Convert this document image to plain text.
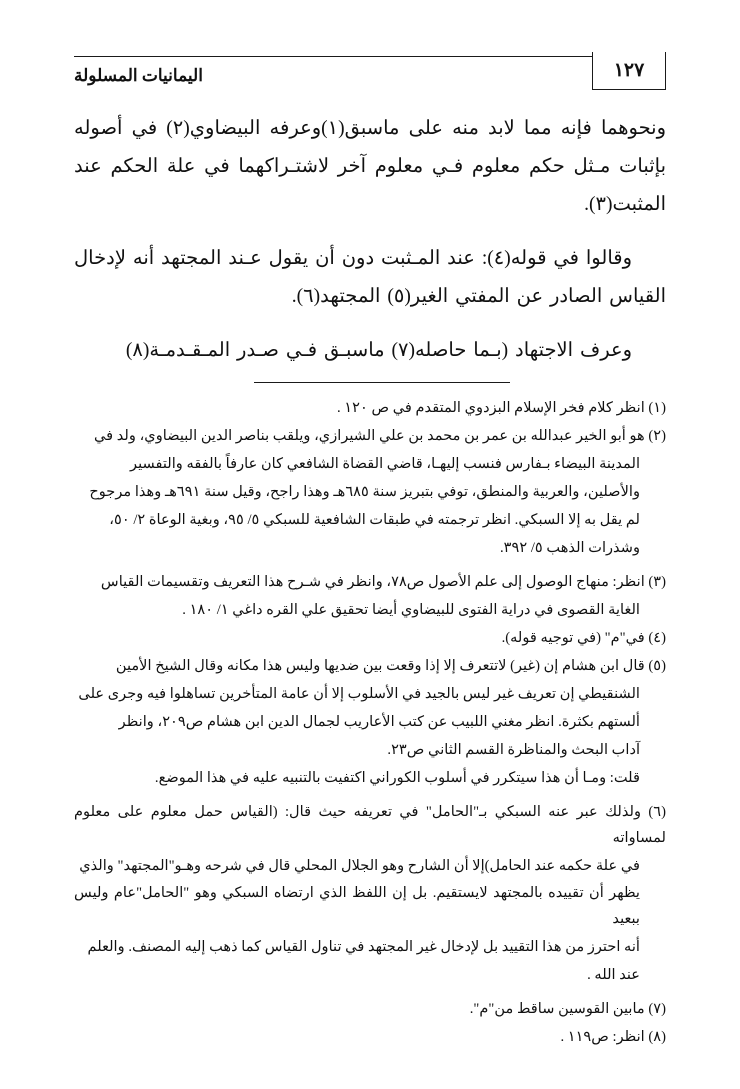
اليمانيات المسلولة	١٢٧

ونحوهما فإنه مما لابد منه على ماسبق(١)وعرفه البيضاوي(٢) في أصوله بإثبات مـثل حكم معلوم فـي معلوم آخر لاشتـراكهما في علة الحكم عند المثبت(٣).

وقالوا في قوله(٤): عند المـثبت دون أن يقول عـند المجتهد أنه لإدخال القياس الصادر عن المفتي الغير(٥) المجتهد(٦).

وعرف الاجتهاد (بـما حاصله(٧) ماسبـق فـي صـدر المـقـدمـة(٨)

(١) انظر كلام فخر الإسلام البزدوي المتقدم في ص ١٢٠ .

(٢) هو أبو الخير عبدالله بن عمر بن محمد بن علي الشيرازي، ويلقب بناصر الدين البيضاوي، ولد في

المدينة البيضاء بـفارس فنسب إليهـا، قاضي القضاة الشافعي كان عارفاً بالفقه والتفسير

والأصلين، والعربية والمنطق، توفي بتبريز سنة ٦٨٥هـ وهذا راجح، وقيل سنة ٦٩١هـ وهذا مرجوح

لم يقل به إلا السبكي. انظر ترجمته في طبقات الشافعية للسبكي ٥/ ٩٥، وبغية الوعاة ٢/ ٥٠،

وشذرات الذهب ٥/ ٣٩٢.

(٣) انظر: منهاج الوصول إلى علم الأصول ص٧٨، وانظر في شـرح هذا التعريف وتقسيمات القياس

الغاية القصوى في دراية الفتوى للبيضاوي أيضا تحقيق علي القره داغي ١/ ١٨٠ .

(٤) في"م" (في توجيه قوله).

(٥) قال ابن هشام إن (غير) لاتتعرف إلا إذا وقعت بين ضديها وليس هذا مكانه وقال الشيخ الأمين

الشنقيطي إن تعريف غير ليس بالجيد في الأسلوب إلا أن عامة المتأخرين تساهلوا فيه وجرى على

ألستهم بكثرة. انظر مغني اللبيب عن كتب الأعاريب لجمال الدين ابن هشام ص٢٠٩، وانظر

آداب البحث والمناظرة القسم الثاني ص٢٣.

قلت: ومـا أن هذا سيتكرر في أسلوب الكوراني اكتفيت بالتنبيه عليه في هذا الموضع.

(٦) ولذلك عبر عنه السبكي بـ"الحامل" في تعريفه حيث قال: (القياس حمل معلوم على معلوم لمساواته

في علة حكمه عند الحامل)إلا أن الشارح وهو الجلال المحلي قال في شرحه وهـو"المجتهد" والذي

يظهر أن تقييده بالمجتهد لايستقيم. بل إن اللفظ الذي ارتضاه السبكي وهو "الحامل"عام وليس ببعيد

أنه احترز من هذا التقييد بل لإدخال غير المجتهد في تناول القياس كما ذهب إليه المصنف. والعلم

عند الله .

(٧) مابين القوسين ساقط من"م".

(٨) انظر: ص١١٩ .
